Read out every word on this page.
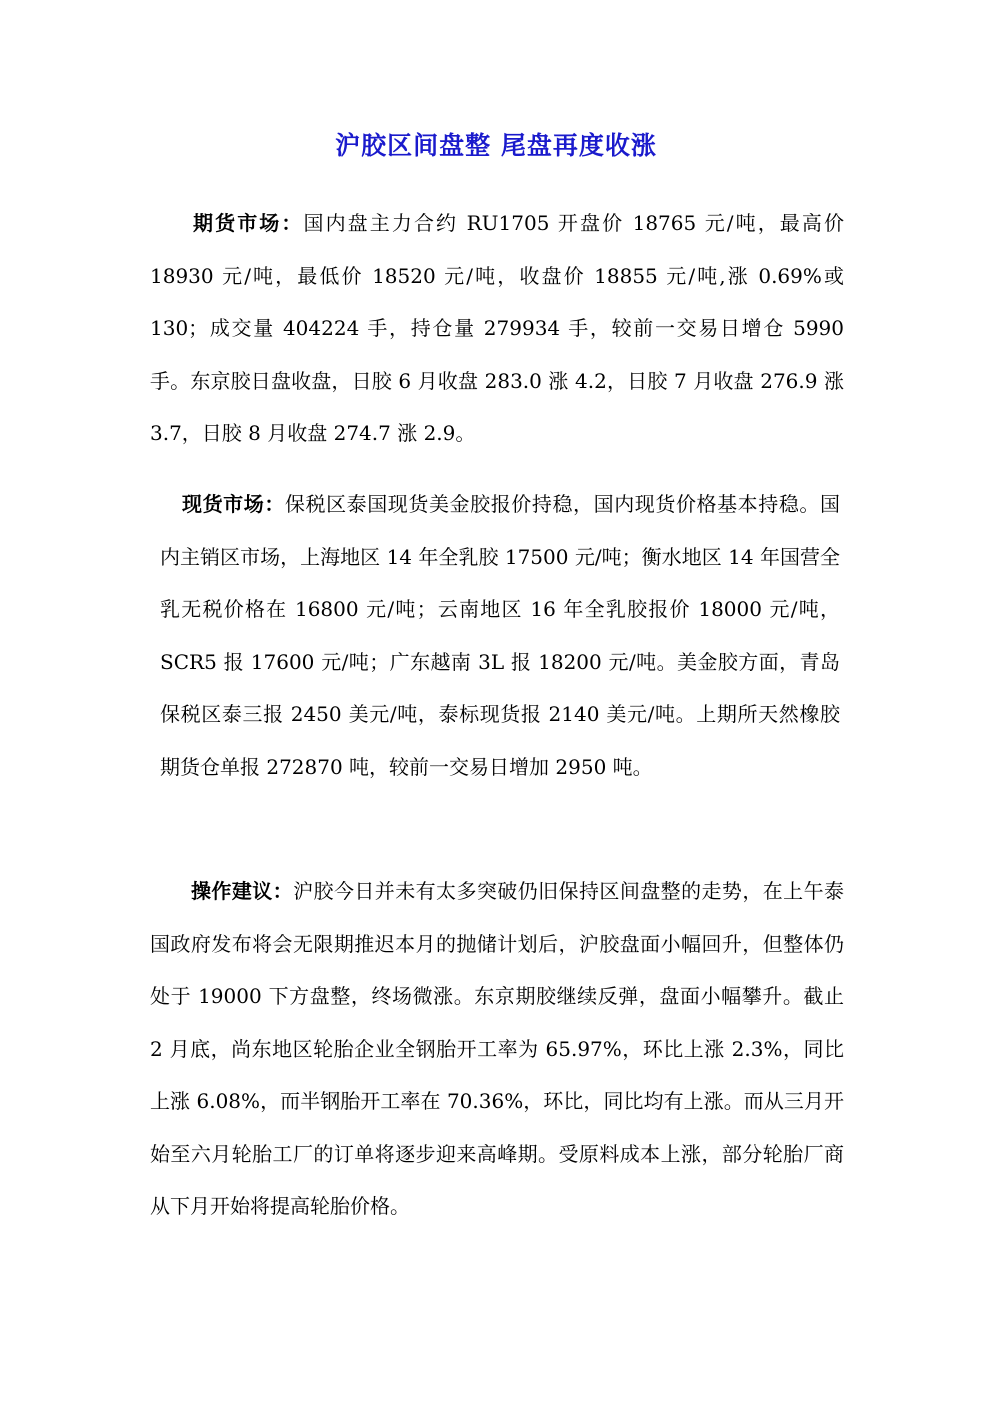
沪胶区间盘整 尾盘再度收涨

期货市场：国内盘主力合约 RU1705 开盘价 18765 元/吨，最高价 18930 元/吨，最低价 18520 元/吨，收盘价 18855 元/吨,涨 0.69%或 130；成交量 404224 手，持仓量 279934 手，较前一交易日增仓 5990 手。东京胶日盘收盘，日胶 6 月收盘 283.0 涨 4.2，日胶 7 月收盘 276.9 涨 3.7，日胶 8 月收盘 274.7 涨 2.9。

现货市场：保税区泰国现货美金胶报价持稳，国内现货价格基本持稳。国内主销区市场，上海地区 14 年全乳胶 17500 元/吨；衡水地区 14 年国营全乳无税价格在 16800 元/吨；云南地区 16 年全乳胶报价 18000 元/吨，SCR5 报 17600 元/吨；广东越南 3L 报 18200 元/吨。美金胶方面，青岛保税区泰三报 2450 美元/吨，泰标现货报 2140 美元/吨。上期所天然橡胶期货仓单报 272870 吨，较前一交易日增加 2950 吨。

操作建议：沪胶今日并未有太多突破仍旧保持区间盘整的走势，在上午泰国政府发布将会无限期推迟本月的抛储计划后，沪胶盘面小幅回升，但整体仍处于 19000 下方盘整，终场微涨。东京期胶继续反弹，盘面小幅攀升。截止 2 月底，尚东地区轮胎企业全钢胎开工率为 65.97%，环比上涨 2.3%，同比上涨 6.08%，而半钢胎开工率在 70.36%，环比，同比均有上涨。而从三月开始至六月轮胎工厂的订单将逐步迎来高峰期。受原料成本上涨，部分轮胎厂商从下月开始将提高轮胎价格。
